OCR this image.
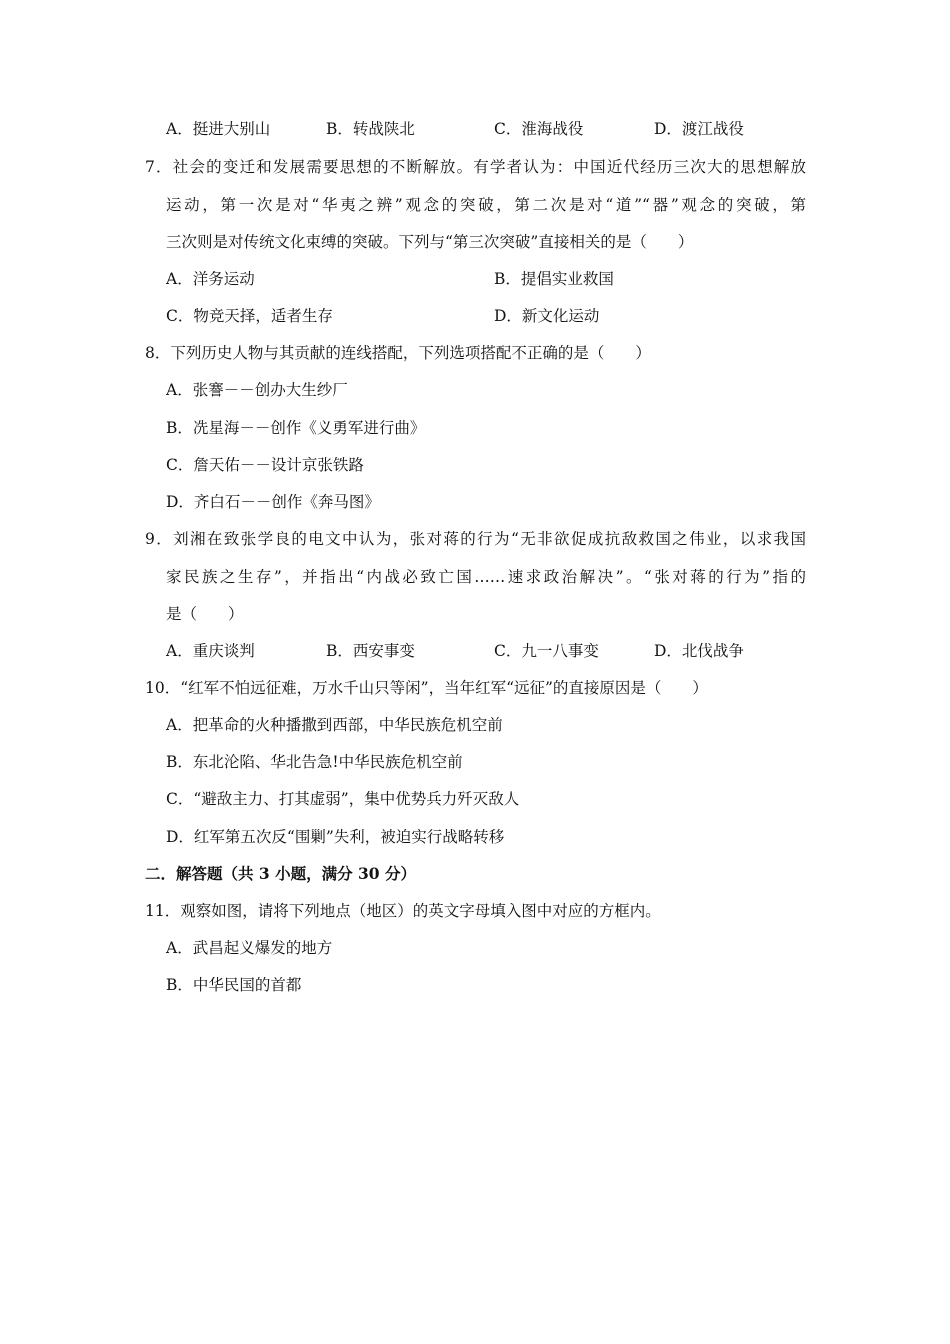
A．挺进大别山	B．转战陕北	C．淮海战役	D．渡江战役
7．社会的变迁和发展需要思想的不断解放。有学者认为：中国近代经历三次大的思想解放
运动，第一次是对“华夷之辨”观念的突破，第二次是对“道”“器”观念的突破，第
三次则是对传统文化束缚的突破。下列与“第三次突破”直接相关的是（　　）
A．洋务运动	B．提倡实业救国
C．物竞天择，适者生存	D．新文化运动
8．下列历史人物与其贡献的连线搭配，下列选项搭配不正确的是（　　）
A．张謇－－创办大生纱厂
B．冼星海－－创作《义勇军进行曲》
C．詹天佑－－设计京张铁路
D．齐白石－－创作《奔马图》
9．刘湘在致张学良的电文中认为，张对蒋的行为“无非欲促成抗敌救国之伟业，以求我国
家民族之生存”，并指出“内战必致亡国……速求政治解决”。“张对蒋的行为”指的
是（　　）
A．重庆谈判	B．西安事变	C．九一八事变	D．北伐战争
10．“红军不怕远征难，万水千山只等闲”，当年红军“远征”的直接原因是（　　）
A．把革命的火种播撒到西部，中华民族危机空前
B．东北沦陷、华北告急!中华民族危机空前
C．“避敌主力、打其虚弱”，集中优势兵力歼灭敌人
D．红军第五次反“围剿”失利，被迫实行战略转移
二．解答题（共 3 小题，满分 30 分）
11．观察如图，请将下列地点（地区）的英文字母填入图中对应的方框内。
A．武昌起义爆发的地方
B．中华民国的首都
